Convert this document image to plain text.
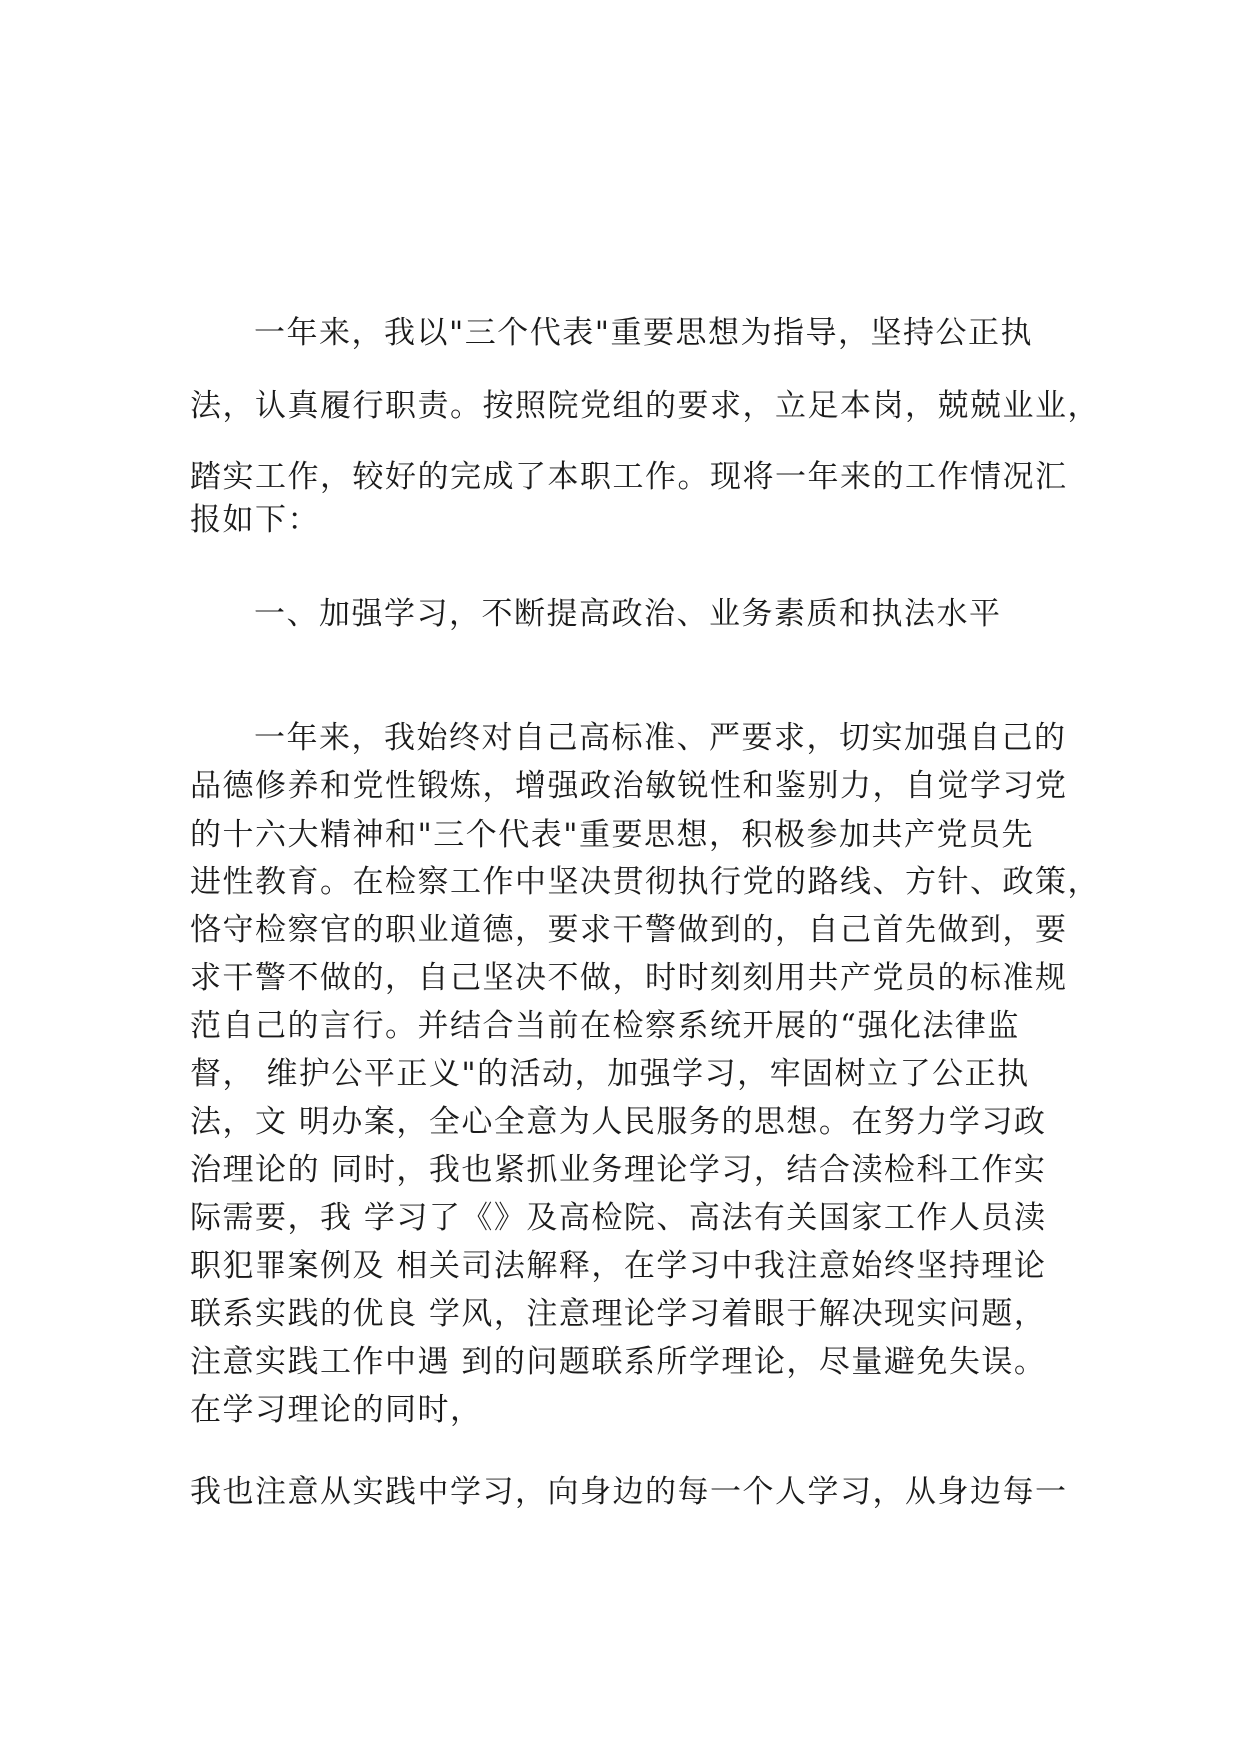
一年来，我以"三个代表"重要思想为指导，坚持公正执
法，认真履行职责。按照院党组的要求，立足本岗，兢兢业业，
踏实工作，较好的完成了本职工作。现将一年来的工作情况汇
报如下：
一、加强学习，不断提高政治、业务素质和执法水平
一年来，我始终对自己高标准、严要求，切实加强自己的
品德修养和党性锻炼，增强政治敏锐性和鉴别力，自觉学习党
的十六大精神和"三个代表"重要思想，积极参加共产党员先
进性教育。在检察工作中坚决贯彻执行党的路线、方针、政策，
恪守检察官的职业道德，要求干警做到的，自己首先做到，要
求干警不做的，自己坚决不做，时时刻刻用共产党员的标准规
范自己的言行。并结合当前在检察系统开展的“强化法律监
督， 维护公平正义"的活动，加强学习，牢固树立了公正执
法，文 明办案，全心全意为人民服务的思想。在努力学习政
治理论的 同时，我也紧抓业务理论学习，结合渎检科工作实
际需要，我 学习了《》及高检院、高法有关国家工作人员渎
职犯罪案例及 相关司法解释，在学习中我注意始终坚持理论
联系实践的优良 学风，注意理论学习着眼于解决现实问题，
注意实践工作中遇 到的问题联系所学理论，尽量避免失误。
在学习理论的同时，
我也注意从实践中学习，向身边的每一个人学习，从身边每一
